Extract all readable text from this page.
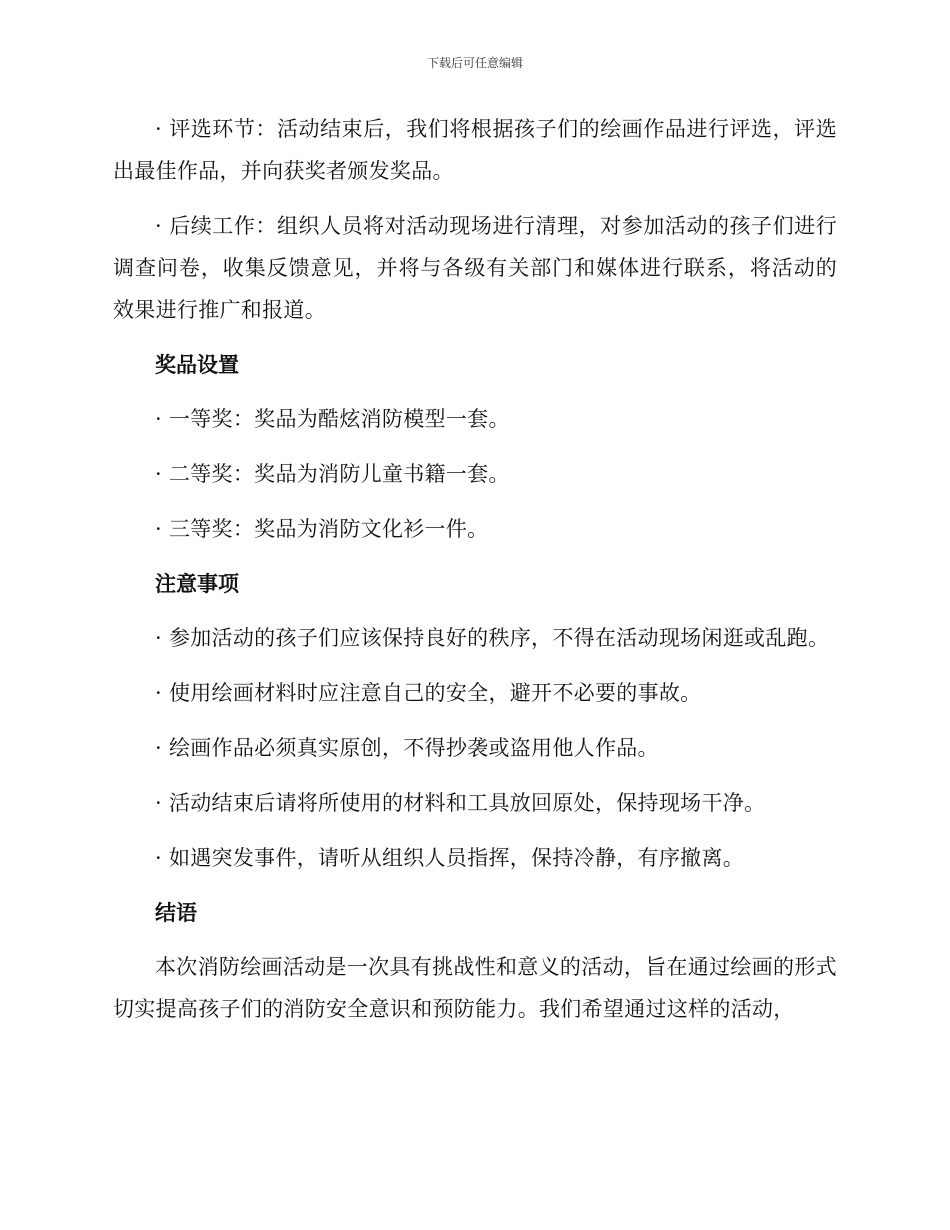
下载后可任意编辑

· 评选环节：活动结束后，我们将根据孩子们的绘画作品进行评选，评选出最佳作品，并向获奖者颁发奖品。

· 后续工作：组织人员将对活动现场进行清理，对参加活动的孩子们进行调查问卷，收集反馈意见，并将与各级有关部门和媒体进行联系，将活动的效果进行推广和报道。

奖品设置

· 一等奖：奖品为酷炫消防模型一套。

· 二等奖：奖品为消防儿童书籍一套。

· 三等奖：奖品为消防文化衫一件。

注意事项

· 参加活动的孩子们应该保持良好的秩序，不得在活动现场闲逛或乱跑。

· 使用绘画材料时应注意自己的安全，避开不必要的事故。

· 绘画作品必须真实原创，不得抄袭或盗用他人作品。

· 活动结束后请将所使用的材料和工具放回原处，保持现场干净。

· 如遇突发事件，请听从组织人员指挥，保持冷静，有序撤离。

结语

本次消防绘画活动是一次具有挑战性和意义的活动，旨在通过绘画的形式切实提高孩子们的消防安全意识和预防能力。我们希望通过这样的活动，
